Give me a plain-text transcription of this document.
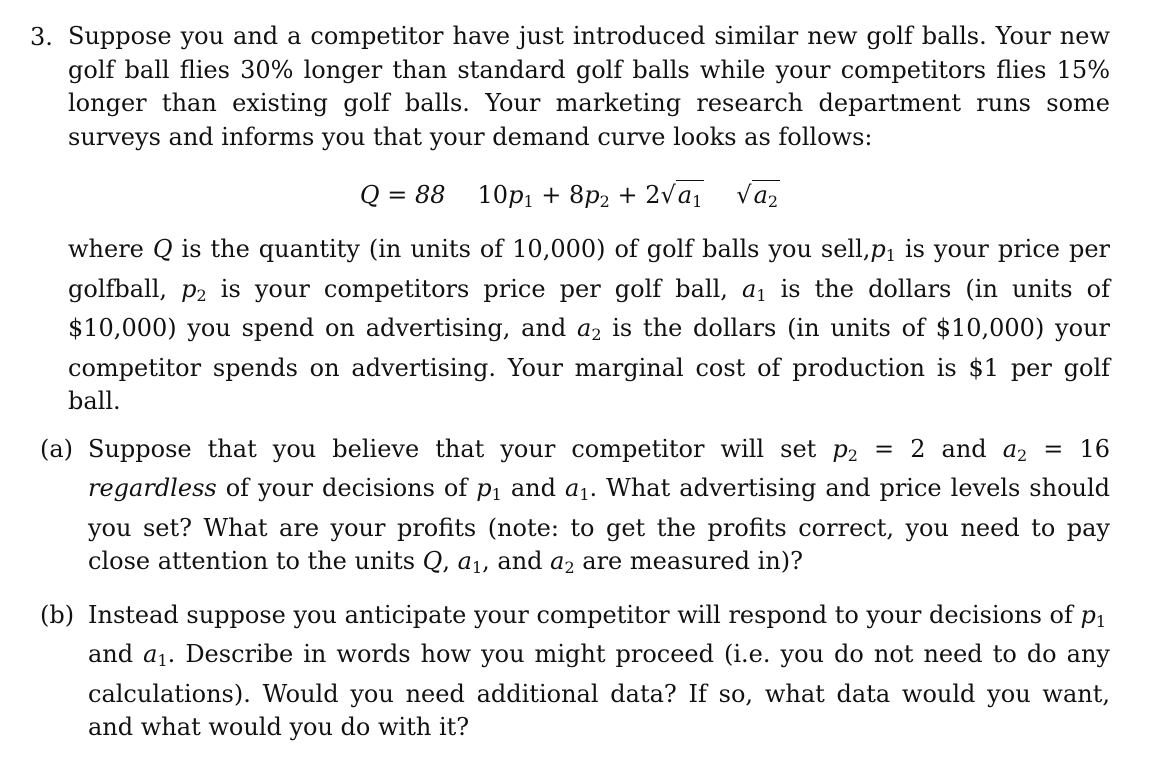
3. Suppose you and a competitor have just introduced similar new golf balls. Your new golf ball flies 30% longer than standard golf balls while your competitors flies 15% longer than existing golf balls. Your marketing research department runs some surveys and informs you that your demand curve looks as follows:
Q = 88 $10p_1 + 8p_2 + 2√a_1$ $√a_2$
where Q is the quantity (in units of 10,000) of golf balls you $sell,p_1$ is your price per golfball, $p_2$ is your competitors price per golf ball, $a_1$ is the dollars (in units of $10,000) you spend on advertising, and $a_2$ is the dollars (in units of $10,000) your competitor spends on advertising. Your marginal cost of production is $1 per golf ball.
(a) Suppose that you believe that your competitor will set $p_2 = 2$ and $a_2 = 16$ regardless of your decisions of $p_1$ and $a_1$. What advertising and price levels should you set? What are your profits (note: to get the profits correct, you need to pay close attention to the units Q, $a_1$, and $a_2$ are measured in)?
(b) Instead suppose you anticipate your competitor will respond to your decisions of $p_1$
and $a_1$. Describe in words how you might proceed (i.e. you do not need to do any calculations). Would you need additional data? If so, what data would you want, and what would you do with it?
